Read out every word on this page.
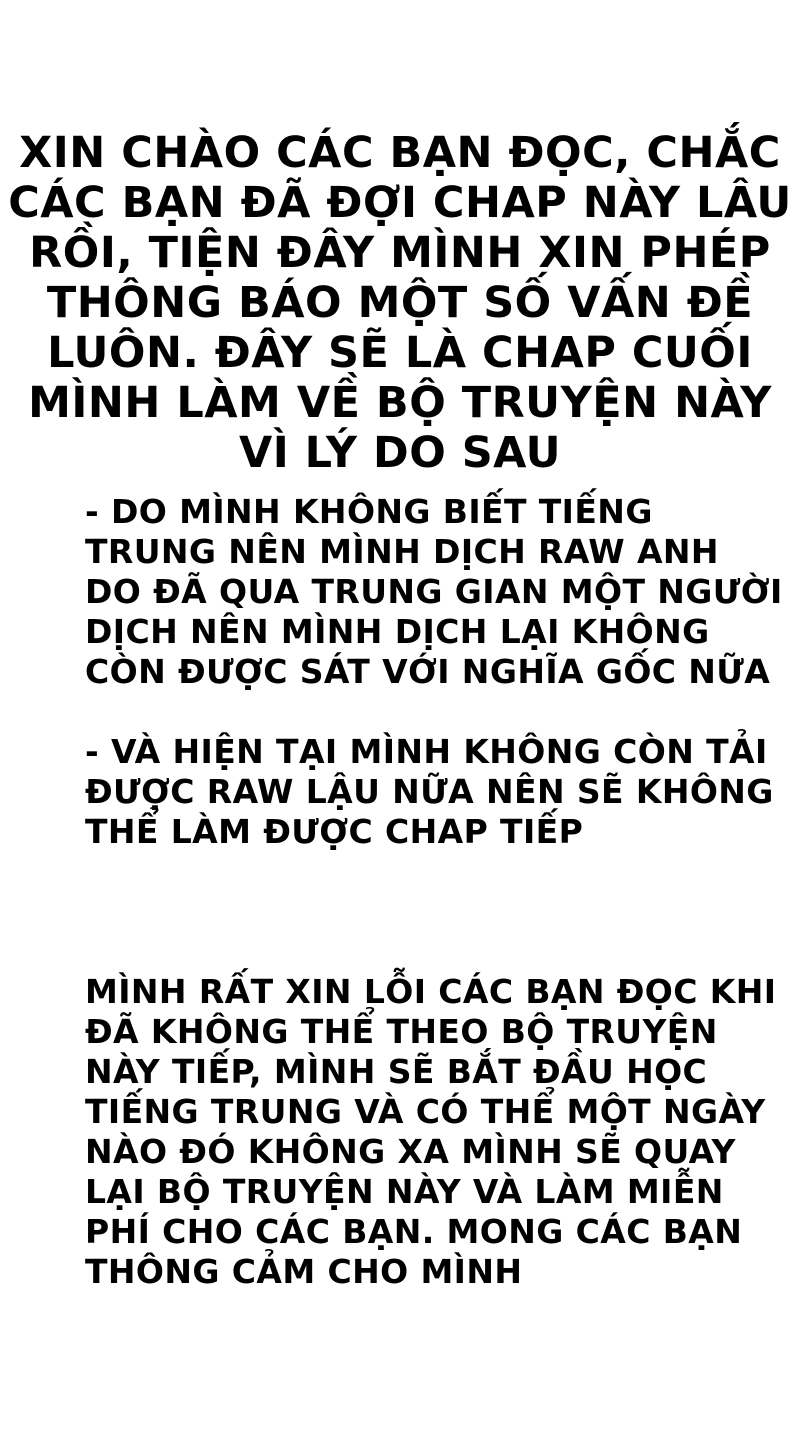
XIN CHÀO CÁC BẠN ĐỌC, CHẮC CÁC BẠN ĐÃ ĐỢI CHAP NÀY LÂU RỒI, TIỆN ĐÂY MÌNH XIN PHÉP THÔNG BÁO MỘT SỐ VẤN ĐỀ LUÔN. ĐÂY SẼ LÀ CHAP CUỐI MÌNH LÀM VỀ BỘ TRUYỆN NÀY VÌ LÝ DO SAU
- DO MÌNH KHÔNG BIẾT TIẾNG TRUNG NÊN MÌNH DỊCH RAW ANH DO ĐÃ QUA TRUNG GIAN MỘT NGƯỜI DỊCH NÊN MÌNH DỊCH LẠI KHÔNG CÒN ĐƯỢC SÁT VỚI NGHĨA GỐC NỮA
- VÀ HIỆN TẠI MÌNH KHÔNG CÒN TẢI ĐƯỢC RAW LẬU NỮA NÊN SẼ KHÔNG THỂ LÀM ĐƯỢC CHAP TIẾP
MÌNH RẤT XIN LỖI CÁC BẠN ĐỌC KHI ĐÃ KHÔNG THỂ THEO BỘ TRUYỆN NÀY TIẾP, MÌNH SẼ BẮT ĐẦU HỌC TIẾNG TRUNG VÀ CÓ THỂ MỘT NGÀY NÀO ĐÓ KHÔNG XA MÌNH SẼ QUAY LẠI BỘ TRUYỆN NÀY VÀ LÀM MIỄN PHÍ CHO CÁC BẠN. MONG CÁC BẠN THÔNG CẢM CHO MÌNH
